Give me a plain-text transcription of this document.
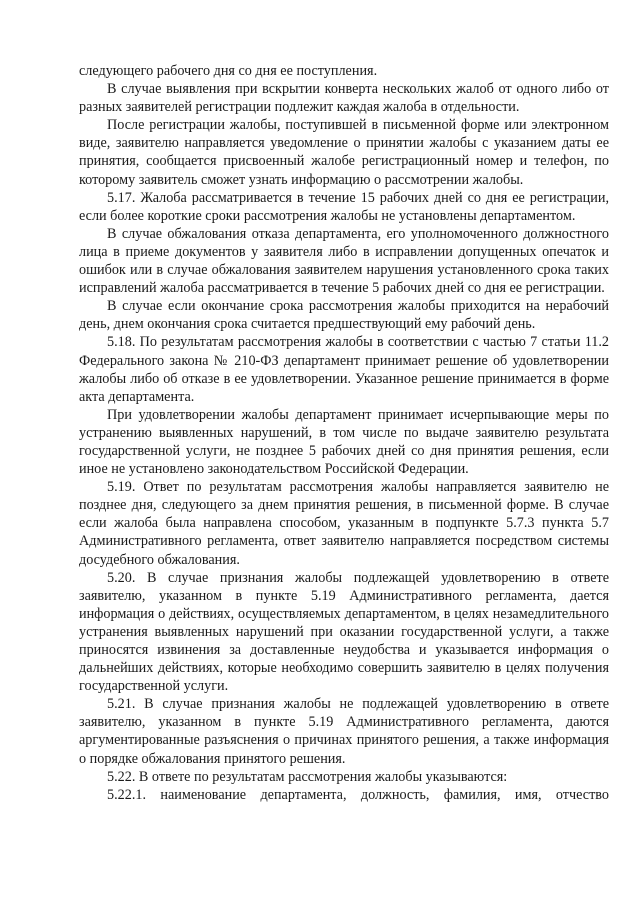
следующего рабочего дня со дня ее поступления.

В случае выявления при вскрытии конверта нескольких жалоб от одного либо от разных заявителей регистрации подлежит каждая жалоба в отдельности.

После регистрации жалобы, поступившей в письменной форме или электронном виде, заявителю направляется уведомление о принятии жалобы с указанием даты ее принятия, сообщается присвоенный жалобе регистрационный номер и телефон, по которому заявитель сможет узнать информацию о рассмотрении жалобы.

5.17. Жалоба рассматривается в течение 15 рабочих дней со дня ее регистрации, если более короткие сроки рассмотрения жалобы не установлены департаментом.

В случае обжалования отказа департамента, его уполномоченного должностного лица в приеме документов у заявителя либо в исправлении допущенных опечаток и ошибок или в случае обжалования заявителем нарушения установленного срока таких исправлений жалоба рассматривается в течение 5 рабочих дней со дня ее регистрации.

В случае если окончание срока рассмотрения жалобы приходится на нерабочий день, днем окончания срока считается предшествующий ему рабочий день.

5.18. По результатам рассмотрения жалобы в соответствии с частью 7 статьи 11.2 Федерального закона № 210-ФЗ департамент принимает решение об удовлетворении жалобы либо об отказе в ее удовлетворении. Указанное решение принимается в форме акта департамента.

При удовлетворении жалобы департамент принимает исчерпывающие меры по устранению выявленных нарушений, в том числе по выдаче заявителю результата государственной услуги, не позднее 5 рабочих дней со дня принятия решения, если иное не установлено законодательством Российской Федерации.

5.19. Ответ по результатам рассмотрения жалобы направляется заявителю не позднее дня, следующего за днем принятия решения, в письменной форме. В случае если жалоба была направлена способом, указанным в подпункте 5.7.3 пункта 5.7 Административного регламента, ответ заявителю направляется посредством системы досудебного обжалования.

5.20. В случае признания жалобы подлежащей удовлетворению в ответе заявителю, указанном в пункте 5.19 Административного регламента, дается информация о действиях, осуществляемых департаментом, в целях незамедлительного устранения выявленных нарушений при оказании государственной услуги, а также приносятся извинения за доставленные неудобства и указывается информация о дальнейших действиях, которые необходимо совершить заявителю в целях получения государственной услуги.

5.21. В случае признания жалобы не подлежащей удовлетворению в ответе заявителю, указанном в пункте 5.19 Административного регламента, даются аргументированные разъяснения о причинах принятого решения, а также информация о порядке обжалования принятого решения.

5.22. В ответе по результатам рассмотрения жалобы указываются:

5.22.1. наименование департамента, должность, фамилия, имя, отчество
